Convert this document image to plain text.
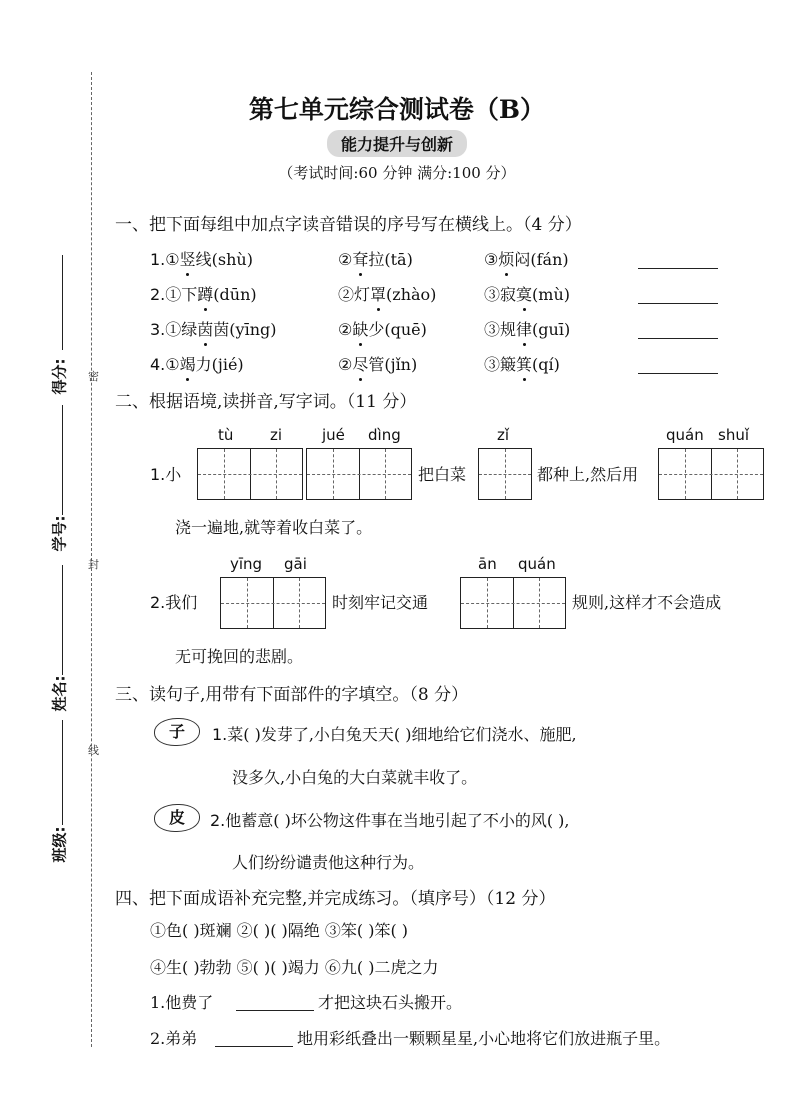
密
封
线
得分:
学号:
姓名:
班级:
第七单元综合测试卷（B）
能力提升与创新
（考试时间:60 分钟 满分:100 分）
一、把下面每组中加点字读音错误的序号写在横线上。（4 分）
1.①竖线(shù)	②耷拉(tā)	③烦闷(fán)
2.①下蹲(dūn)	②灯罩(zhào)	③寂寞(mù)
3.①绿茵茵(yīng)	②缺少(quē)	③规律(guī)
4.①竭力(jié)	②尽管(jǐn)	③簸箕(qí)
二、根据语境,读拼音,写字词。（11 分）
tù zi	jué dìng	zǐ	quán shuǐ
1.小	把白菜	都种上,然后用
浇一遍地,就等着收白菜了。
yīng gāi	ān quán
2.我们	时刻牢记交通	规则,这样才不会造成
无可挽回的悲剧。
三、读句子,用带有下面部件的字填空。（8 分）
子	1.菜( )发芽了,小白兔天天( )细地给它们浇水、施肥,
没多久,小白兔的大白菜就丰收了。
皮	2.他蓄意( )坏公物这件事在当地引起了不小的风( ),
人们纷纷谴责他这种行为。
四、把下面成语补充完整,并完成练习。（填序号）（12 分）
①色( )斑斓 ②( )( )隔绝 ③笨( )笨( )
④生( )勃勃 ⑤( )( )竭力 ⑥九( )二虎之力
1.他费了	才把这块石头搬开。
2.弟弟	地用彩纸叠出一颗颗星星,小心地将它们放进瓶子里。
